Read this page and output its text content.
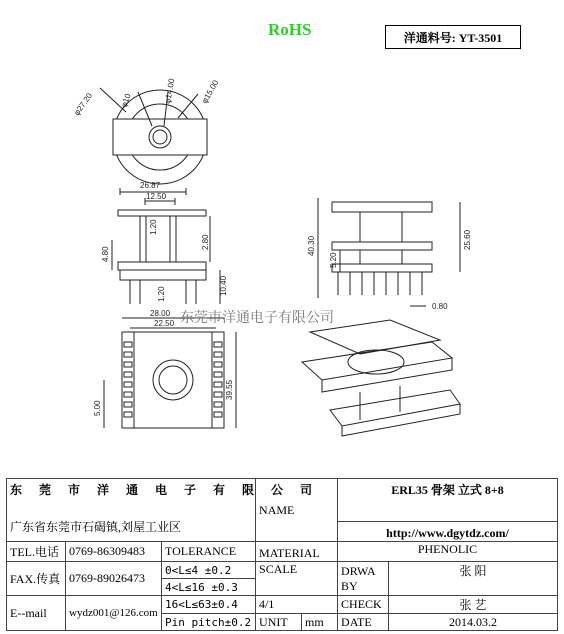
RoHS	洋通料号: YT-3501
φ27.20	φ10	φ14.00	φ15.00
26.87
12.50
4.80
1.20
2.80
10.40
1.20
40.30
5.20
25.60
0.80
28.00
22.50
39.55
5.00
东莞市洋通电子有限公司
东 莞 市 洋 通 电 子 有 限 公 司
广东省东莞市石碣镇,刘屋工业区			NAME		ERL35 骨架 立式 8+8	
					http://www.dgytdz.com/	
TEL.电话	0769-86309483	TOLERANCE	MATERIAL		PHENOLIC	
FAX.传真	0769-89026473	0<L≤4 ±0.2	SCALE		DRWA BY	张 阳
		4<L≤16 ±0.3				
E--mail	wydz001@126.com	16<L≤63±0.4	4/1		CHECK	张 艺
		Pin pitch±0.2	UNIT	mm	DATE	2014.03.2
